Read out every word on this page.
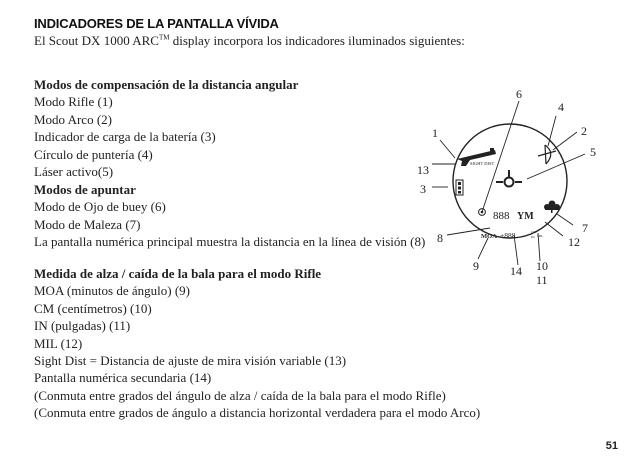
INDICADORES DE LA PANTALLA VÍVIDA
El Scout DX 1000 ARC™ display incorpora los indicadores iluminados siguientes:
Modos de compensación de la distancia angular
Modo Rifle (1)
Modo Arco (2)
Indicador de carga de la batería (3)
Círculo de puntería (4)
Láser activo(5)
Modos de apuntar
Modo de Ojo de buey (6)
Modo de Maleza (7)
La pantalla numérica principal muestra la distancia en la línea de visión (8)
Medida de alza / caída de la bala para el modo Rifle
MOA (minutos de ángulo) (9)
CM (centímetros) (10)
IN (pulgadas) (11)
MIL (12)
Sight Dist = Distancia de ajuste de mira visión variable (13)
Pantalla numérica secundaria (14)
(Conmuta entre grados del ángulo de alza / caída de la bala para el modo Rifle)
(Conmuta entre grados de ángulo a distancia horizontal verdadera para el modo Arco)
SIGHT DIST
888 YM
MOA +888	CM
IN MIL
1	2
3
4
5
6
7
8
9	10
11
12
13
14
51
